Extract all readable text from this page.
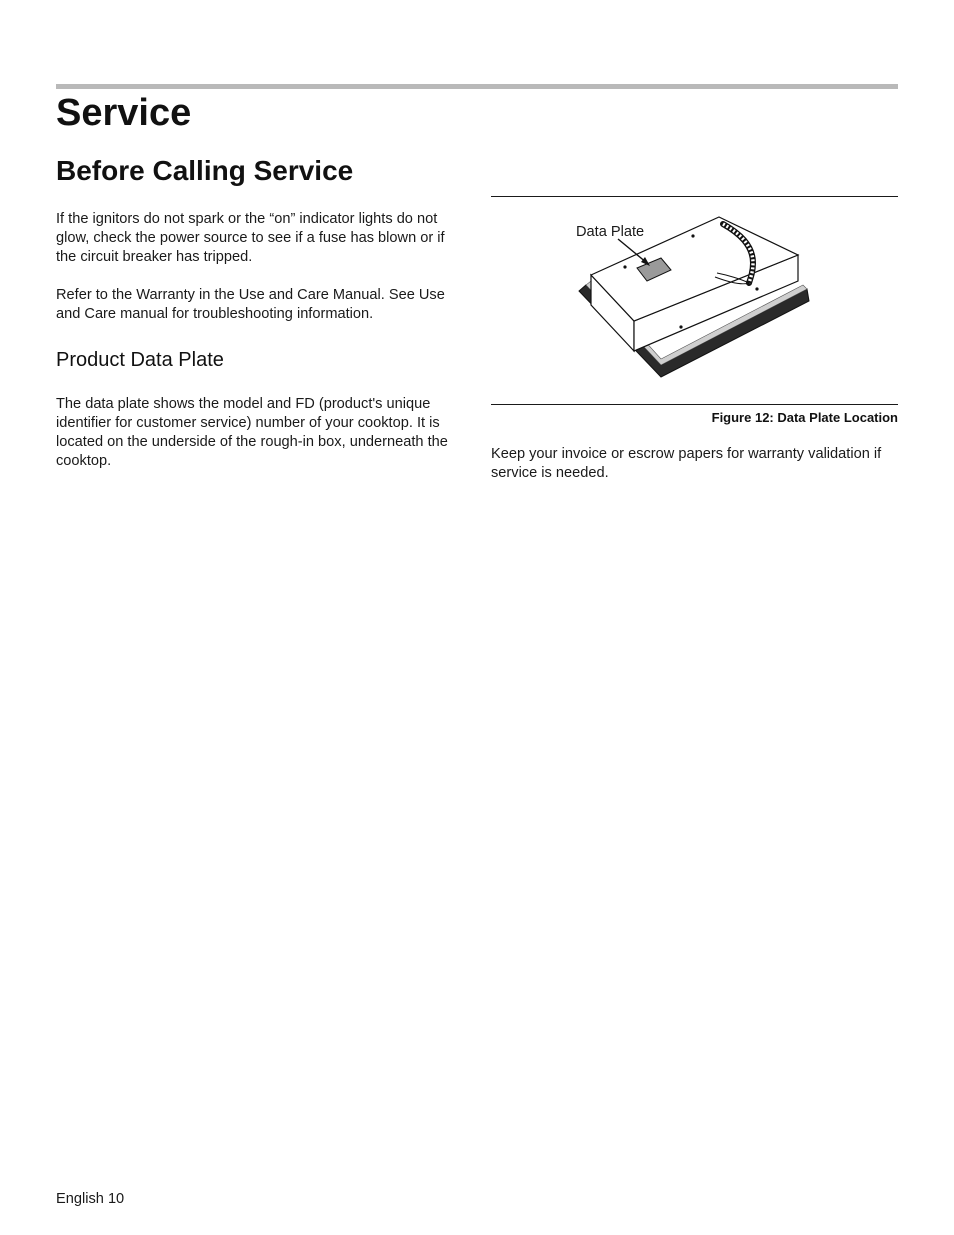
Service
Before Calling Service

If the ignitors do not spark or the “on” indicator lights do not glow, check the power source to see if a fuse has blown or if the circuit breaker has tripped.

Refer to the Warranty in the Use and Care Manual. See Use and Care manual for troubleshooting information.

Product Data Plate

The data plate shows the model and FD (product's unique identifier for customer service) number of your cooktop. It is located on the underside of the rough-in box, underneath the cooktop.

Data Plate

Figure 12: Data Plate Location

Keep your invoice or escrow papers for warranty validation if service is needed.

English 10
